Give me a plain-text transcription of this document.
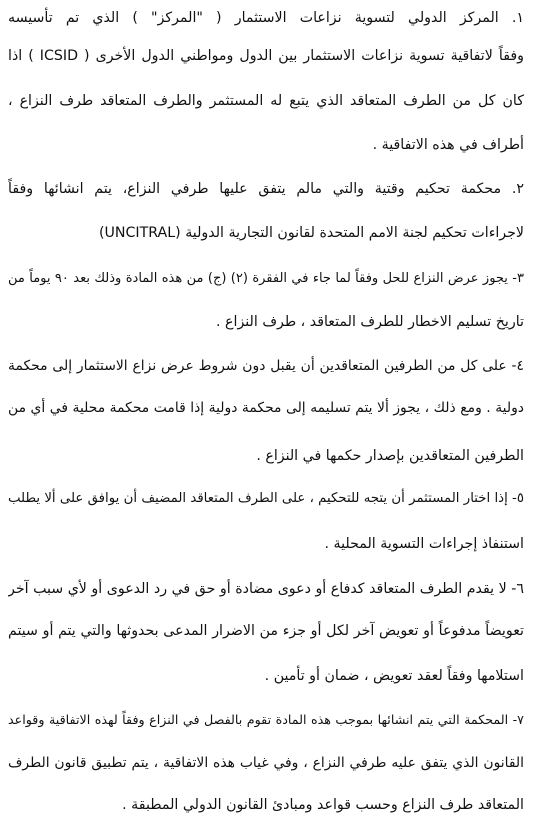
١. المركز الدولي لتسوية نزاعات الاستثمار ( "المركز" ) الذي تم تأسيسه
وفقاً لاتفاقية تسوية نزاعات الاستثمار بين الدول ومواطني الدول الأخرى ( ICSID ) اذا
كان كل من الطرف المتعاقد الذي يتبع له المستثمر والطرف المتعاقد طرف النزاع ،
أطراف في هذه الاتفاقية .
٢. محكمة تحكيم وقتية والتي مالم يتفق عليها طرفي النزاع، يتم انشائها وفقاً
لاجراءات تحكيم لجنة الامم المتحدة لقانون التجارية الدولية (UNCITRAL)
٣- يجوز عرض النزاع للحل وفقاً لما جاء في الفقرة (٢) (ج) من هذه المادة وذلك بعد ٩٠ يوماً من
تاريخ تسليم الاخطار للطرف المتعاقد ، طرف النزاع .
٤- على كل من الطرفين المتعاقدين أن يقبل دون شروط عرض نزاع الاستثمار إلى محكمة
دولية . ومع ذلك ، يجوز ألا يتم تسليمه إلى محكمة دولية إذا قامت محكمة محلية في أي من
الطرفين المتعاقدين بإصدار حكمها في النزاع .
٥- إذا اختار المستثمر أن يتجه للتحكيم ، على الطرف المتعاقد المضيف أن يوافق على ألا يطلب
استنفاذ إجراءات التسوية المحلية .
٦- لا يقدم الطرف المتعاقد كدفاع أو دعوى مضادة أو حق في رد الدعوى أو لأي سبب آخر
تعويضاً مدفوعاً أو تعويض آخر لكل أو جزء من الاضرار المدعى بحدوثها والتي يتم أو سيتم
استلامها وفقاً لعقد تعويض ، ضمان أو تأمين .
٧- المحكمة التي يتم انشائها بموجب هذه المادة تقوم بالفصل في النزاع وفقاً لهذه الاتفاقية وقواعد
القانون الذي يتفق عليه طرفي النزاع ، وفي غياب هذه الاتفاقية ، يتم تطبيق قانون الطرف
المتعاقد طرف النزاع وحسب قواعد ومبادئ القانون الدولي المطبقة .
